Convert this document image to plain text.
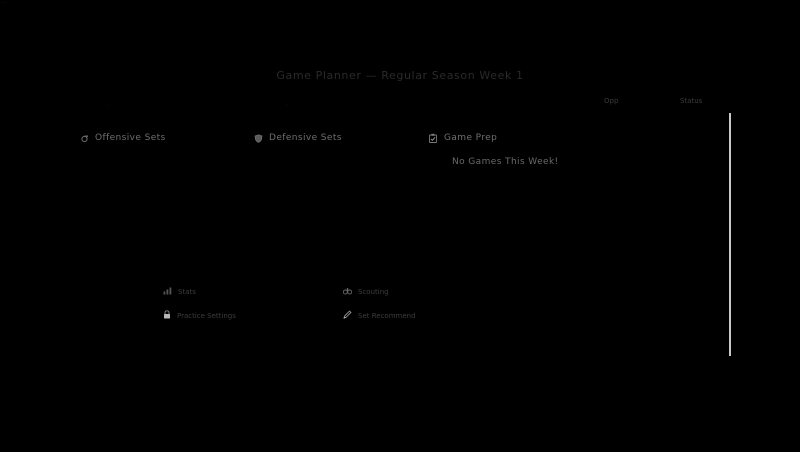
···
Game Planner — Regular Season Week 1
·	·
Offensive Sets	Defensive Sets	Game Prep
No Games This Week!
Opp	Status
Stats	Scouting
Practice Settings	Set Recommend
